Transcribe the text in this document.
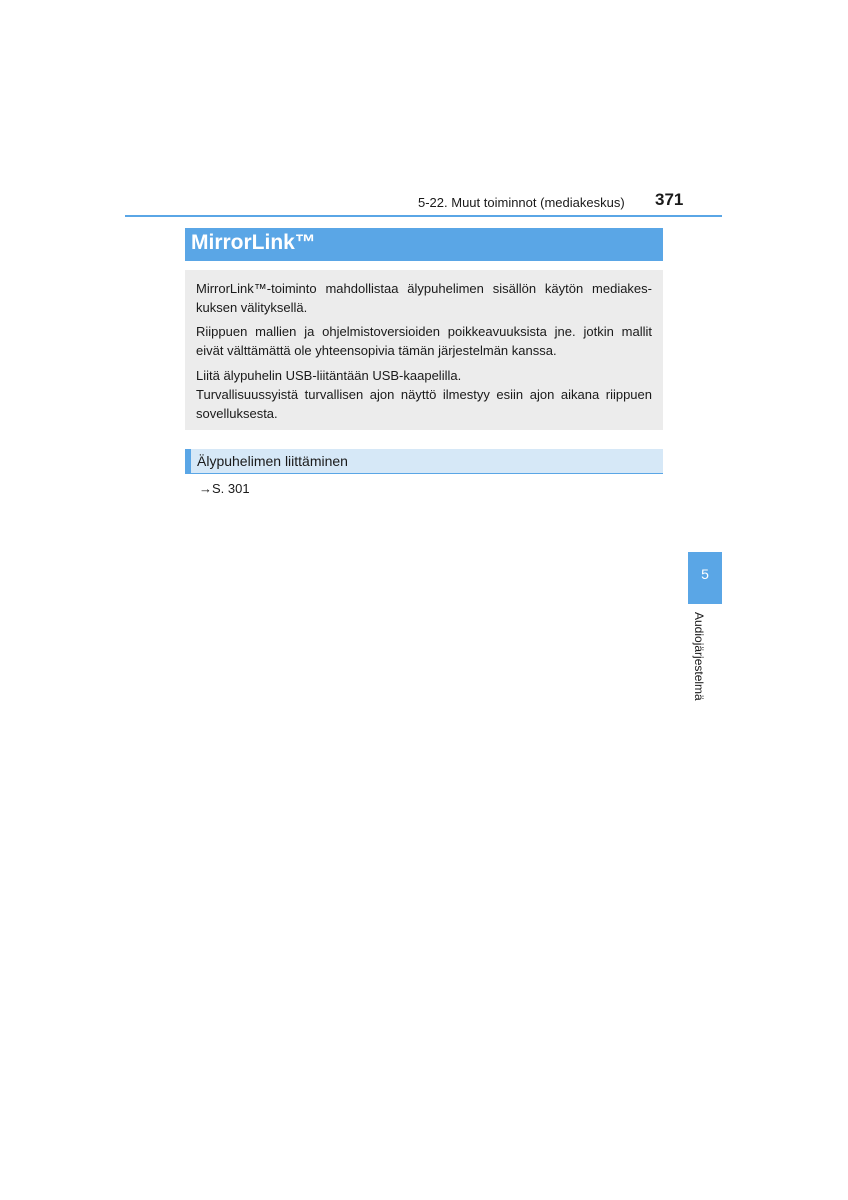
5-22. Muut toiminnot (mediakeskus) 371
MirrorLink™
MirrorLink™-toiminto mahdollistaa älypuhelimen sisällön käytön mediakes-kuksen välityksellä.
Riippuen mallien ja ohjelmistoversioiden poikkeavuuksista jne. jotkin mallit eivät välttämättä ole yhteensopivia tämän järjestelmän kanssa.
Liitä älypuhelin USB-liitäntään USB-kaapelilla.
Turvallisuussyistä turvallisen ajon näyttö ilmestyy esiin ajon aikana riippuen sovelluksesta.
Älypuhelimen liittäminen
→S. 301
5
Audiojärjestelmä
